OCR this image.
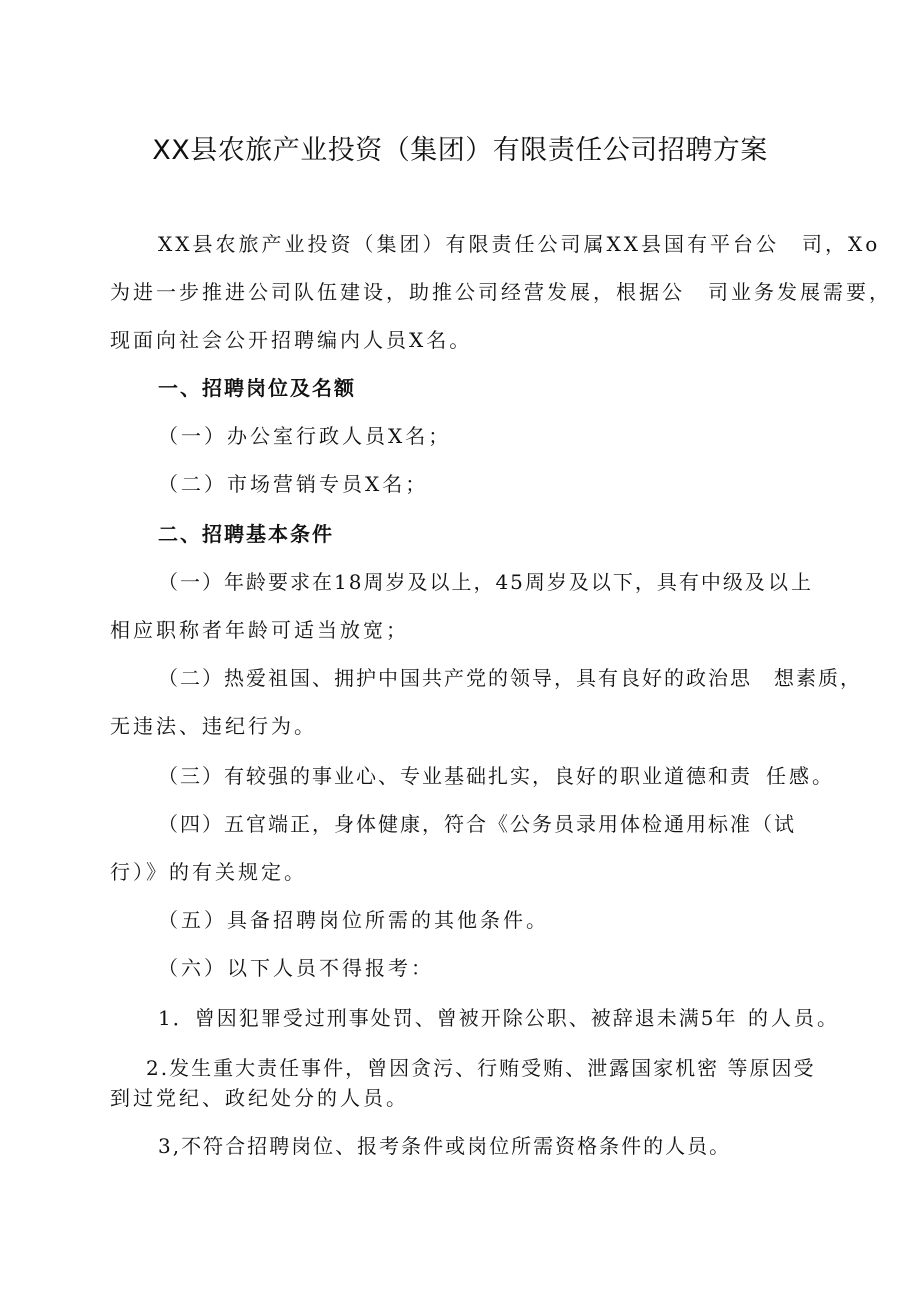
XX县农旅产业投资（集团）有限责任公司招聘方案
XX县农旅产业投资（集团）有限责任公司属XX县国有平台公　司，Xo
为进一步推进公司队伍建设，助推公司经营发展，根据公　司业务发展需要，
现面向社会公开招聘编内人员X名。
一、招聘岗位及名额
（一）办公室行政人员X名；
（二）市场营销专员X名；
二、招聘基本条件
（一）年龄要求在18周岁及以上，45周岁及以下，具有中级及 以上
相应职称者年龄可适当放宽；
（二）热爱祖国、拥护中国共产党的领导，具有良好的政治思　想素质，
无违法、违纪行为。
（三）有较强的事业心、专业基础扎实，良好的职业道德和责 任感。
（四）五官端正，身体健康，符合《公务员录用体检通用标准（试
行）》的有关规定。
（五）具备招聘岗位所需的其他条件。
（六）以下人员不得报考：
1．曾因犯罪受过刑事处罚、曾被开除公职、被辞退未满5年 的人员。
2.发生重大责任事件，曾因贪污、行贿受贿、泄露国家机密 等原因受
到过党纪、政纪处分的人员。
3,不符合招聘岗位、报考条件或岗位所需资格条件的人员。
